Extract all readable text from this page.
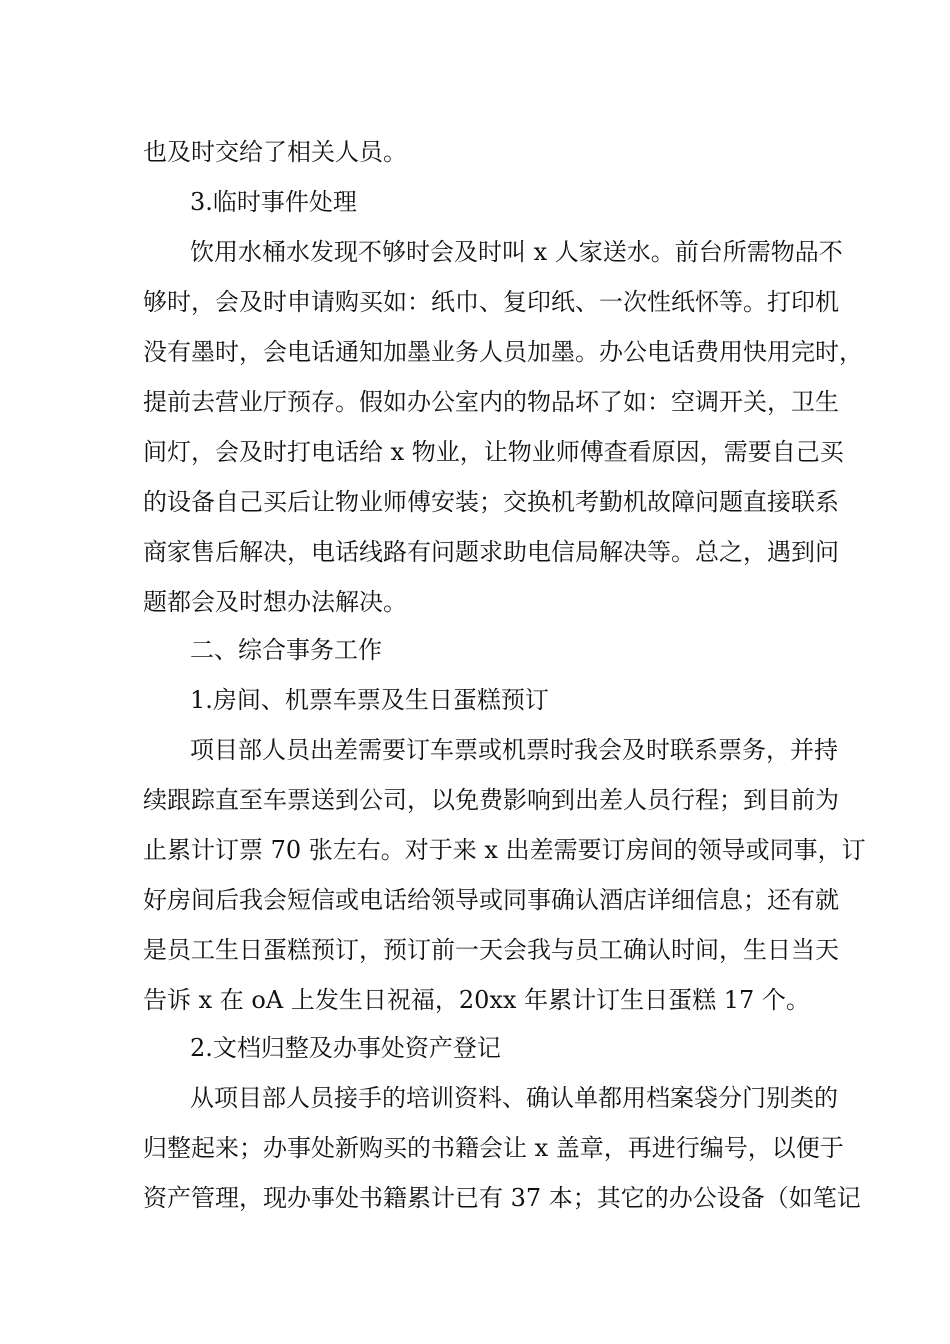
也及时交给了相关人员。
3.临时事件处理
饮用水桶水发现不够时会及时叫 x 人家送水。前台所需物品不
够时，会及时申请购买如：纸巾、复印纸、一次性纸怀等。打印机
没有墨时，会电话通知加墨业务人员加墨。办公电话费用快用完时，
提前去营业厅预存。假如办公室内的物品坏了如：空调开关，卫生
间灯，会及时打电话给 x 物业，让物业师傅查看原因，需要自己买
的设备自己买后让物业师傅安装；交换机考勤机故障问题直接联系
商家售后解决，电话线路有问题求助电信局解决等。总之，遇到问
题都会及时想办法解决。
二、综合事务工作
1.房间、机票车票及生日蛋糕预订
项目部人员出差需要订车票或机票时我会及时联系票务，并持
续跟踪直至车票送到公司，以免费影响到出差人员行程；到目前为
止累计订票 70 张左右。对于来 x 出差需要订房间的领导或同事，订
好房间后我会短信或电话给领导或同事确认酒店详细信息；还有就
是员工生日蛋糕预订，预订前一天会我与员工确认时间，生日当天
告诉 x 在 oA 上发生日祝福，20xx 年累计订生日蛋糕 17 个。
2.文档归整及办事处资产登记
从项目部人员接手的培训资料、确认单都用档案袋分门别类的
归整起来；办事处新购买的书籍会让 x 盖章，再进行编号，以便于
资产管理，现办事处书籍累计已有 37 本；其它的办公设备（如笔记
